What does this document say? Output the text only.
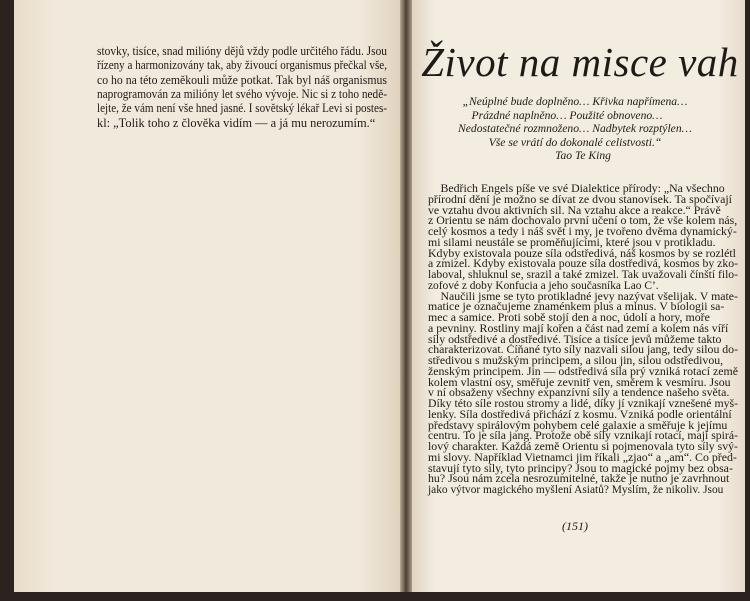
stovky, tisíce, snad milióny dějů vždy podle určitého řádu. Jsou
řízeny a harmonizovány tak, aby živoucí organismus přečkal vše,
co ho na této zeměkouli může potkat. Tak byl náš organismus
naprogramován za milióny let svého vývoje. Nic si z toho nedě-
lejte, že vám není vše hned jasné. I sovětský lékař Levi si postes-
kl: „Tolik toho z člověka vidím — a já mu nerozumím.“
Život na misce vah
„Neúplné bude doplněno… Křivka napřímena…
Prázdné naplněno… Použité obnoveno…
Nedostatečné rozmnoženo… Nadbytek rozptýlen…
Vše se vrátí do dokonalé celistvosti.“
Tao Te King
Bedřich Engels píše ve své Dialektice přírody: „Na všechno
přírodní dění je možno se dívat ze dvou stanovisek. Ta spočívají
ve vztahu dvou aktivních sil. Na vztahu akce a reakce.“ Právě
z Orientu se nám dochovalo první učení o tom, že vše kolem nás,
celý kosmos a tedy i náš svět i my, je tvořeno dvěma dynamický-
mi silami neustále se proměňujícími, které jsou v protikladu.
Kdyby existovala pouze síla odstředivá, náš kosmos by se rozlétl
a zmizel. Kdyby existovala pouze síla dostředivá, kosmos by zko-
laboval, shluknul se, srazil a také zmizel. Tak uvažovali čínští filo-
zofové z doby Konfucia a jeho současníka Lao C’.
Naučili jsme se tyto protikladné jevy nazývat všelijak. V mate-
matice je označujeme znaménkem plus a minus. V biologii sa-
mec a samice. Proti sobě stojí den a noc, údolí a hory, moře
a pevniny. Rostliny mají kořen a část nad zemí a kolem nás víří
síly odstředivé a dostředivé. Tisíce a tisíce jevů můžeme takto
charakterizovat. Číňané tyto síly nazvali silou jang, tedy silou do-
středivou s mužským principem, a silou jin, silou odstředivou,
ženským principem. Jin — odstředivá síla prý vzniká rotací země
kolem vlastní osy, směřuje zevnitř ven, směrem k vesmíru. Jsou
v ní obsaženy všechny expanzívní síly a tendence našeho světa.
Díky této síle rostou stromy a lidé, díky jí vznikají vznešené myš-
lenky. Síla dostředivá přichází z kosmu. Vzniká podle orientální
představy spirálovým pohybem celé galaxie a směřuje k jejímu
centru. To je síla jang. Protože obě síly vznikají rotací, mají spirá-
lový charakter. Každá země Orientu si pojmenovala tyto síly svý-
mi slovy. Například Vietnamci jim říkali „zjao“ a „am“. Co před-
stavují tyto síly, tyto principy? Jsou to magické pojmy bez obsa-
hu? Jsou nám zcela nesrozumitelné, takže je nutno je zavrhnout
jako výtvor magického myšlení Asiatů? Myslím, že nikoliv. Jsou
(151)
